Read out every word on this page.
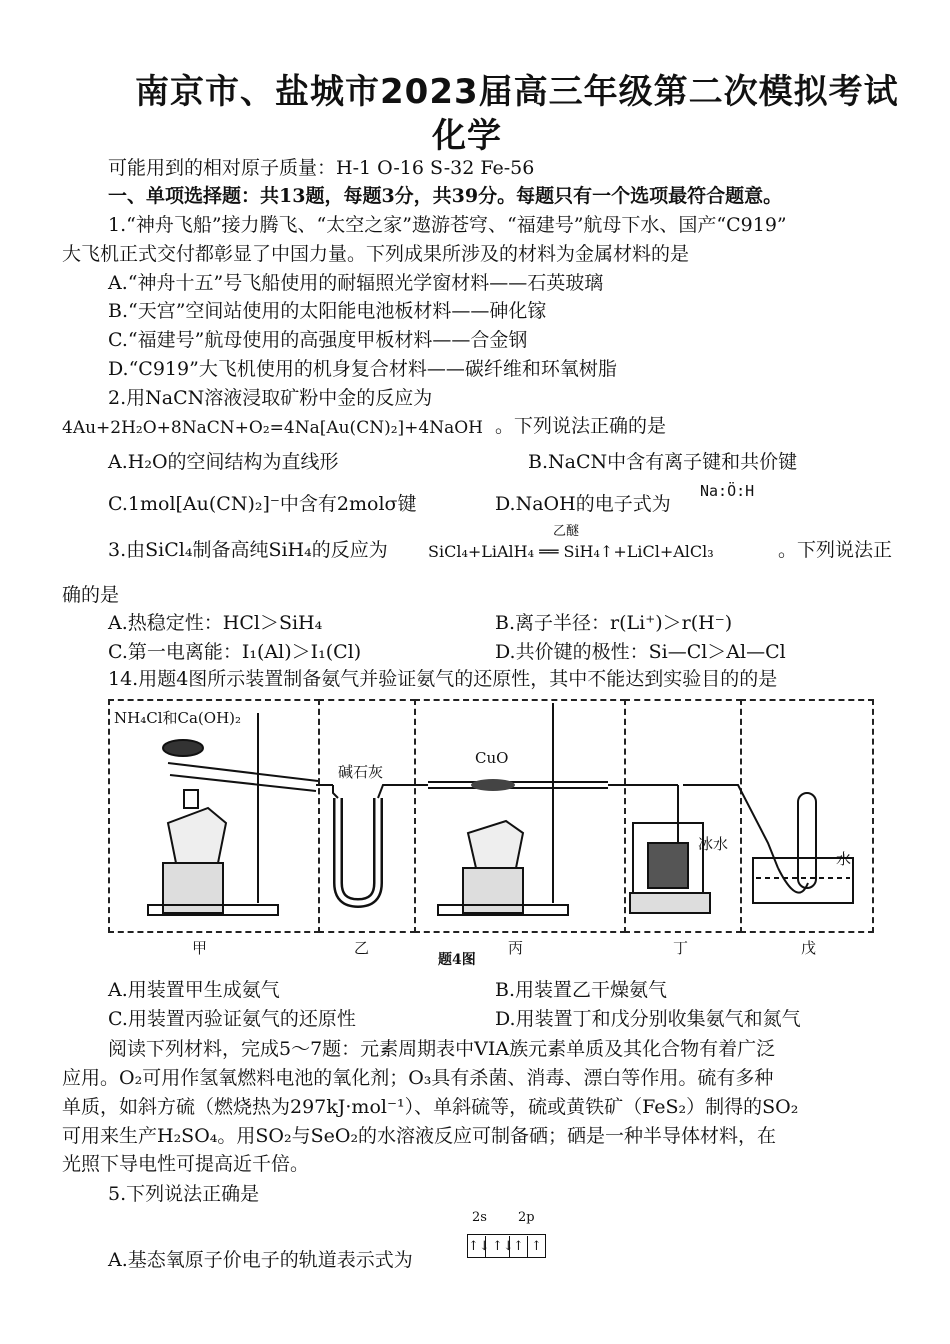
南京市、盐城市2023届高三年级第二次模拟考试
化学
可能用到的相对原子质量：H-1 O-16 S-32 Fe-56
一、单项选择题：共13题，每题3分，共39分。每题只有一个选项最符合题意。
1.“神舟飞船”接力腾飞、“太空之家”遨游苍穹、“福建号”航母下水、国产“C919”
大飞机正式交付都彰显了中国力量。下列成果所涉及的材料为金属材料的是
A.“神舟十五”号飞船使用的耐辐照光学窗材料——石英玻璃
B.“天宫”空间站使用的太阳能电池板材料——砷化镓
C.“福建号”航母使用的高强度甲板材料——合金钢
D.“C919”大飞机使用的机身复合材料——碳纤维和环氧树脂
2.用NaCN溶液浸取矿粉中金的反应为
4Au+2H₂O+8NaCN+O₂=4Na[Au(CN)₂]+4NaOH 。下列说法正确的是
A.H₂O的空间结构为直线形	B.NaCN中含有离子键和共价键
C.1mol[Au(CN)₂]⁻中含有2molσ键	D.NaOH的电子式为
Na:Ö:H
3.由SiCl₄制备高纯SiH₄的反应为
乙醚
SiCl₄+LiAlH₄ ══ SiH₄↑+LiCl+AlCl₃	。下列说法正
确的是
A.热稳定性：HCl＞SiH₄	B.离子半径：r(Li⁺)＞r(H⁻)
C.第一电离能：I₁(Al)＞I₁(Cl)	D.共价键的极性：Si—Cl＞Al—Cl
14.用题4图所示装置制备氨气并验证氨气的还原性，其中不能达到实验目的的是
NH₄Cl和Ca(OH)₂
碱石灰
CuO
冰水
水
甲	乙	丙	丁	戊
题4图
A.用装置甲生成氨气	B.用装置乙干燥氨气
C.用装置丙验证氨气的还原性	D.用装置丁和戊分别收集氨气和氮气
阅读下列材料，完成5～7题：元素周期表中VIA族元素单质及其化合物有着广泛
应用。O₂可用作氢氧燃料电池的氧化剂；O₃具有杀菌、消毒、漂白等作用。硫有多种
单质，如斜方硫（燃烧热为297kJ·mol⁻¹）、单斜硫等，硫或黄铁矿（FeS₂）制得的SO₂
可用来生产H₂SO₄。用SO₂与SeO₂的水溶液反应可制备硒；硒是一种半导体材料，在
光照下导电性可提高近千倍。
5.下列说法正确是
2s 2p
A.基态氧原子价电子的轨道表示式为
↑↓ ↑↓↑ ↑
